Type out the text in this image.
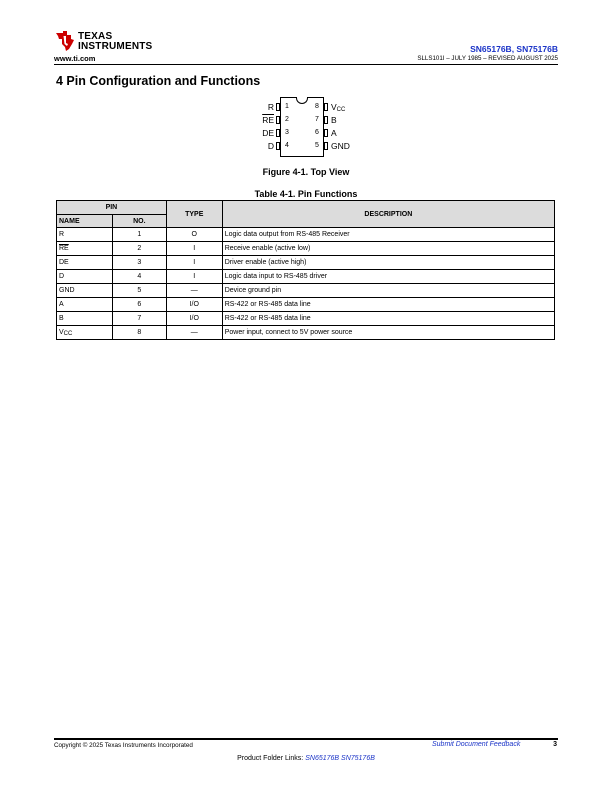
TEXAS
INSTRUMENTS
www.ti.com
SN65176B, SN75176B
SLLS101I – JULY 1985 – REVISED AUGUST 2025
4 Pin Configuration and Functions
R
$\overline{RE}$
DE
D
1
2
3
4
8
7
6
5
VCC
B
A
GND
Figure 4-1. Top View
Table 4-1. Pin Functions
PIN		TYPE	DESCRIPTION
NAME	NO.		
R	1	O	Logic data output from RS-485 Receiver
$\overline{RE}$	2	I	Receive enable (active low)
DE	3	I	Driver enable (active high)
D	4	I	Logic data input to RS-485 driver
GND	5	—	Device ground pin
A	6	I/O	RS-422 or RS-485 data line
B	7	I/O	RS-422 or RS-485 data line
VCC	8	—	Power input, connect to 5V power source
Copyright © 2025 Texas Instruments Incorporated	Submit Document Feedback	3
Product Folder Links: SN65176B SN75176B
